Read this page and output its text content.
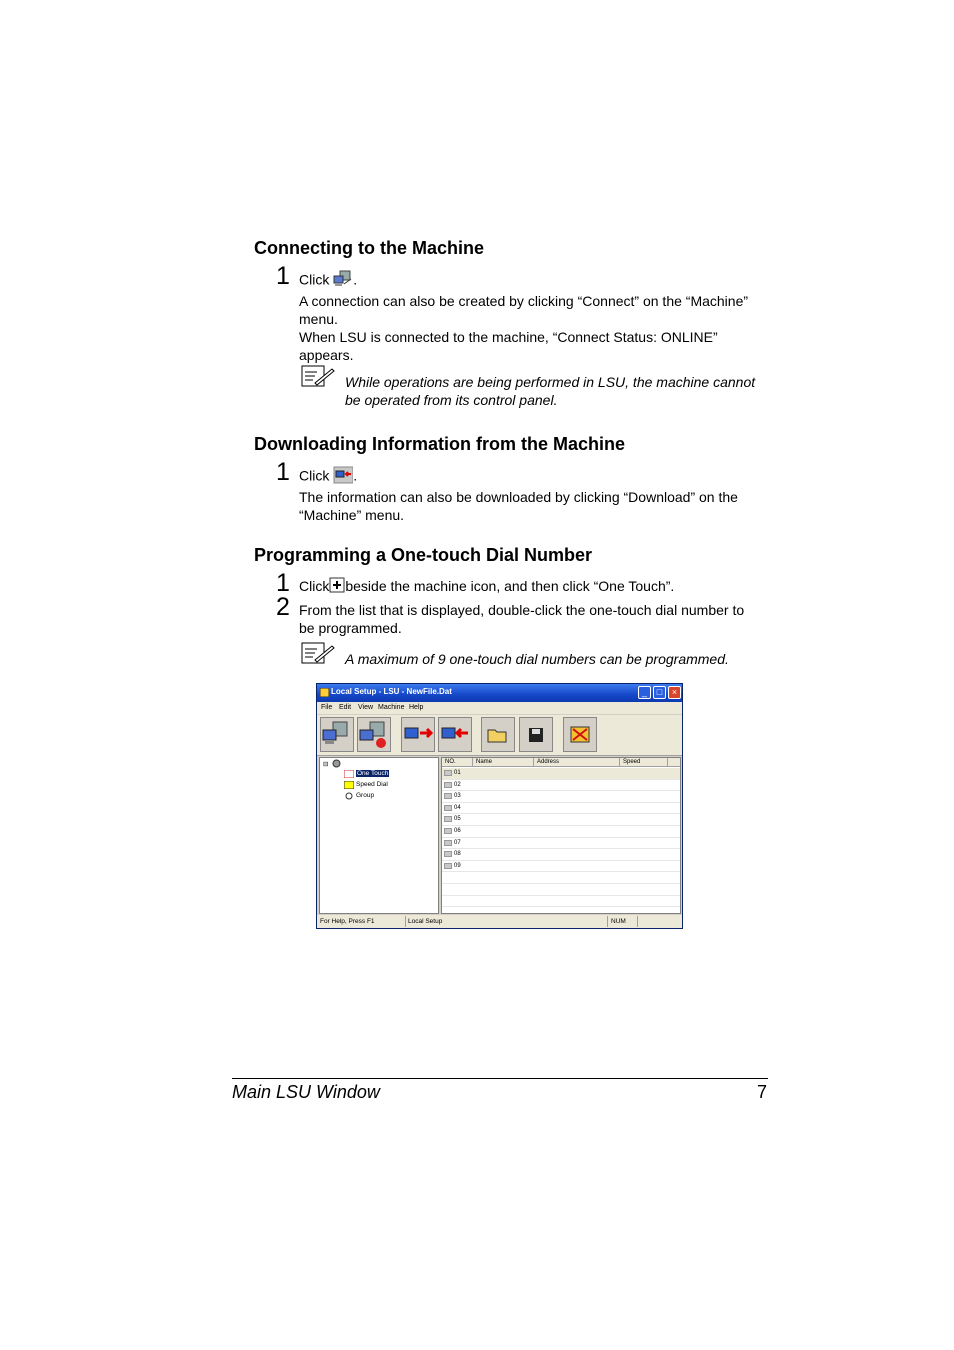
Connecting to the Machine
1 Click .
A connection can also be created by clicking “Connect” on the “Machine”
menu.
When LSU is connected to the machine, “Connect Status: ONLINE”
appears.
While operations are being performed in LSU, the machine cannot
be operated from its control panel.
Downloading Information from the Machine
1 Click .
The information can also be downloaded by clicking “Download” on the
“Machine” menu.
Programming a One-touch Dial Number
1 Click beside the machine icon, and then click “One Touch”.
2 From the list that is displayed, double-click the one-touch dial number to
be programmed.
A maximum of 9 one-touch dial numbers can be programmed.
Local Setup - LSU - NewFile.Dat	_	□	×
File Edit View Machine Help
⊟
One Touch
Speed Dial
Group
NO.	Name	Address	Speed
01
02
03
04
05
06
07
08
09
For Help, Press F1	Local Setup	NUM
Main LSU Window	7
